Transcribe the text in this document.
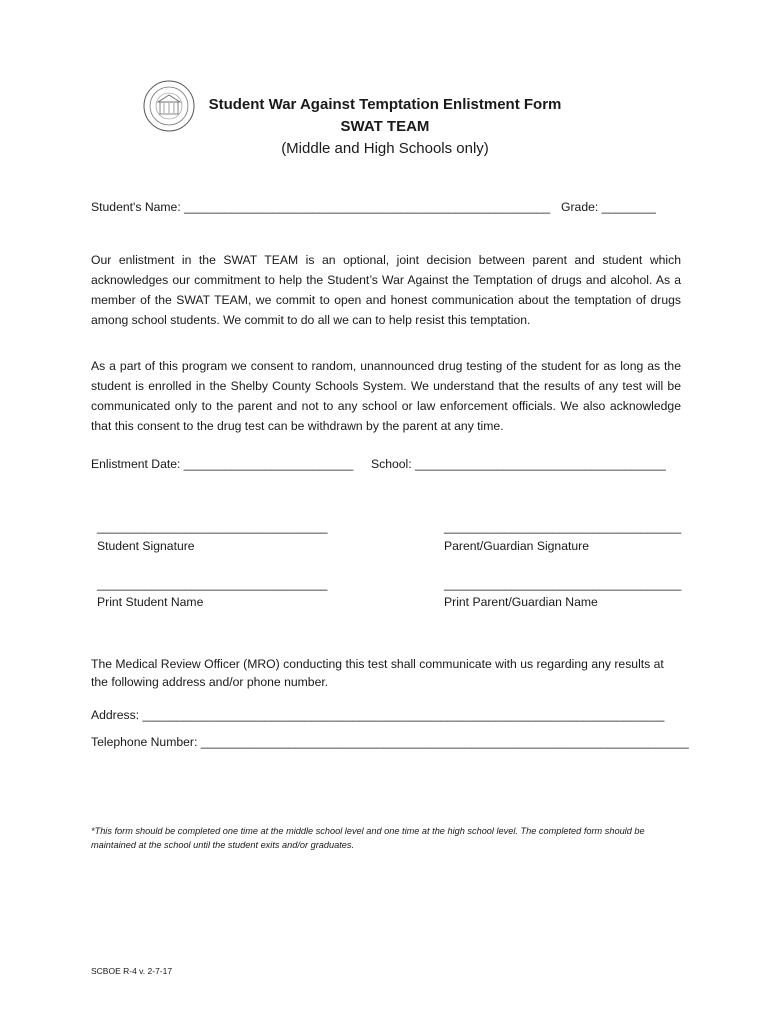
Student War Against Temptation Enlistment Form
SWAT TEAM
(Middle and High Schools only)
Student's Name: ______________________________________________________ Grade: ________
Our enlistment in the SWAT TEAM is an optional, joint decision between parent and student which acknowledges our commitment to help the Student’s War Against the Temptation of drugs and alcohol. As a member of the SWAT TEAM, we commit to open and honest communication about the temptation of drugs among school students. We commit to do all we can to help resist this temptation.
As a part of this program we consent to random, unannounced drug testing of the student for as long as the student is enrolled in the Shelby County Schools System. We understand that the results of any test will be communicated only to the parent and not to any school or law enforcement officials. We also acknowledge that this consent to the drug test can be withdrawn by the parent at any time.
Enlistment Date: _________________________ School: _____________________________________
__________________________________	___________________________________
Student Signature	Parent/Guardian Signature
__________________________________	___________________________________
Print Student Name	Print Parent/Guardian Name
The Medical Review Officer (MRO) conducting this test shall communicate with us regarding any results at the following address and/or phone number.
Address: _____________________________________________________________________________
Telephone Number: ________________________________________________________________________
*This form should be completed one time at the middle school level and one time at the high school level. The completed form should be maintained at the school until the student exits and/or graduates.
SCBOE R-4 v. 2-7-17
